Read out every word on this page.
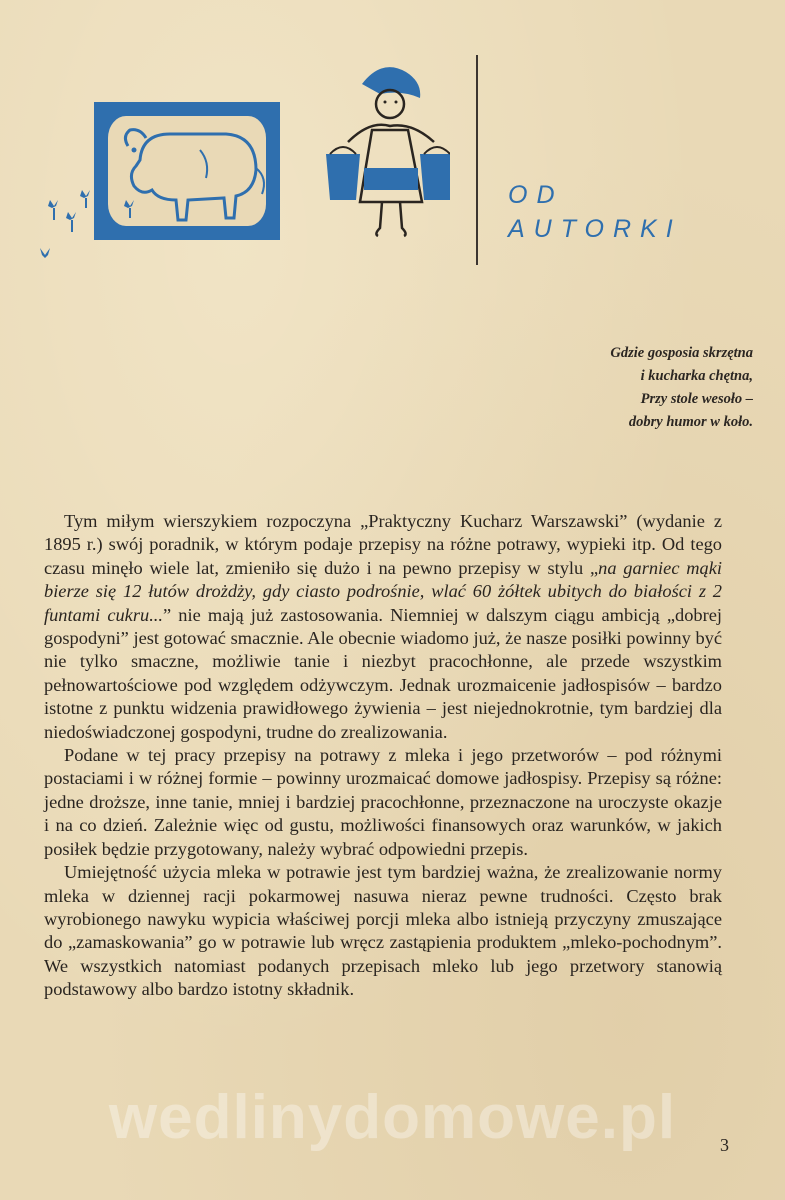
OD
AUTORKI
Gdzie gosposia skrzętna
i kucharka chętna,
Przy stole wesoło –
dobry humor w koło.

Tym miłym wierszykiem rozpoczyna „Praktyczny Kucharz Warszawski” (wydanie z 1895 r.) swój poradnik, w którym podaje przepisy na różne potrawy, wypieki itp. Od tego czasu minęło wiele lat, zmieniło się dużo i na pewno przepisy w stylu „na garniec mąki bierze się 12 łutów drożdży, gdy ciasto podrośnie, wlać 60 żółtek ubitych do białości z 2 funtami cukru...” nie mają już zastosowania. Niemniej w dalszym ciągu ambicją „dobrej gospodyni” jest gotować smacznie. Ale obecnie wiadomo już, że nasze posiłki powinny być nie tylko smaczne, możliwie tanie i niezbyt pracochłonne, ale przede wszystkim pełnowartościowe pod względem odżywczym. Jednak urozmaicenie jadłospisów – bardzo istotne z punktu widzenia prawidłowego żywienia – jest niejednokrotnie, tym bardziej dla niedoświadczonej gospodyni, trudne do zrealizowania.

Podane w tej pracy przepisy na potrawy z mleka i jego przetworów – pod różnymi postaciami i w różnej formie – powinny urozmaicać domowe jadłospisy. Przepisy są różne: jedne droższe, inne tanie, mniej i bardziej pracochłonne, przeznaczone na uroczyste okazje i na co dzień. Zależnie więc od gustu, możliwości finansowych oraz warunków, w jakich posiłek będzie przygotowany, należy wybrać odpowiedni przepis.

Umiejętność użycia mleka w potrawie jest tym bardziej ważna, że zrealizowanie normy mleka w dziennej racji pokarmowej nasuwa nieraz pewne trudności. Często brak wyrobionego nawyku wypicia właściwej porcji mleka albo istnieją przyczyny zmuszające do „zamaskowania” go w potrawie lub wręcz zastąpienia produktem „mleko-pochodnym”. We wszystkich natomiast podanych przepisach mleko lub jego przetwory stanowią podstawowy albo bardzo istotny składnik.

wedlinydomowe.pl	3
